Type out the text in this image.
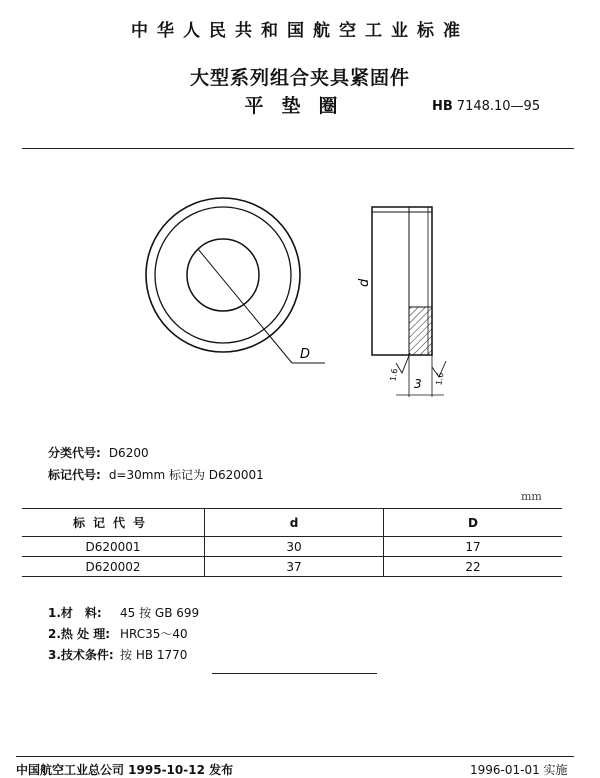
中华人民共和国航空工业标准
大型系列组合夹具紧固件
平垫圈	HB 7148.10—95
D
d
3
1.6	1.6
分类代号: D6200
标记代号: d=30mm 标记为 D620001
mm
标记代号	d	D
D620001	30	17
D620002	37	22
1.材　料: 45 按 GB 699
2.热 处 理: HRC35～40
3.技术条件: 按 HB 1770
中国航空工业总公司 1995-10-12 发布	1996-01-01 实施
